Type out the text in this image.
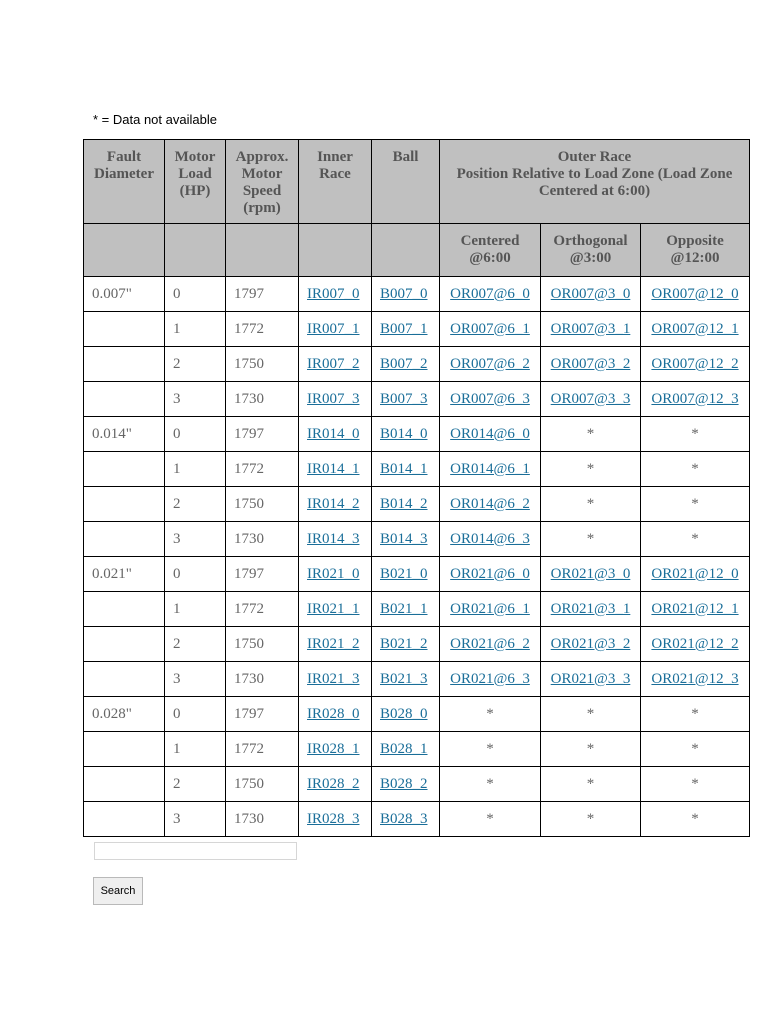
* = Data not available
Fault Diameter	Motor Load (HP)	Approx. Motor Speed (rpm)	Inner Race	Ball	Outer Race
Position Relative to Load Zone (Load Zone Centered at 6:00)		

					Centered @6:00	Orthogonal @3:00	Opposite @12:00
0.007"	0	1797	IR007_0	B007_0	OR007@6_0	OR007@3_0	OR007@12_0
	1	1772	IR007_1	B007_1	OR007@6_1	OR007@3_1	OR007@12_1
	2	1750	IR007_2	B007_2	OR007@6_2	OR007@3_2	OR007@12_2
	3	1730	IR007_3	B007_3	OR007@6_3	OR007@3_3	OR007@12_3
0.014"	0	1797	IR014_0	B014_0	OR014@6_0	*	*
	1	1772	IR014_1	B014_1	OR014@6_1	*	*
	2	1750	IR014_2	B014_2	OR014@6_2	*	*
	3	1730	IR014_3	B014_3	OR014@6_3	*	*
0.021"	0	1797	IR021_0	B021_0	OR021@6_0	OR021@3_0	OR021@12_0
	1	1772	IR021_1	B021_1	OR021@6_1	OR021@3_1	OR021@12_1
	2	1750	IR021_2	B021_2	OR021@6_2	OR021@3_2	OR021@12_2
	3	1730	IR021_3	B021_3	OR021@6_3	OR021@3_3	OR021@12_3
0.028"	0	1797	IR028_0	B028_0	*	*	*
	1	1772	IR028_1	B028_1	*	*	*
	2	1750	IR028_2	B028_2	*	*	*
	3	1730	IR028_3	B028_3	*	*	*
Search
